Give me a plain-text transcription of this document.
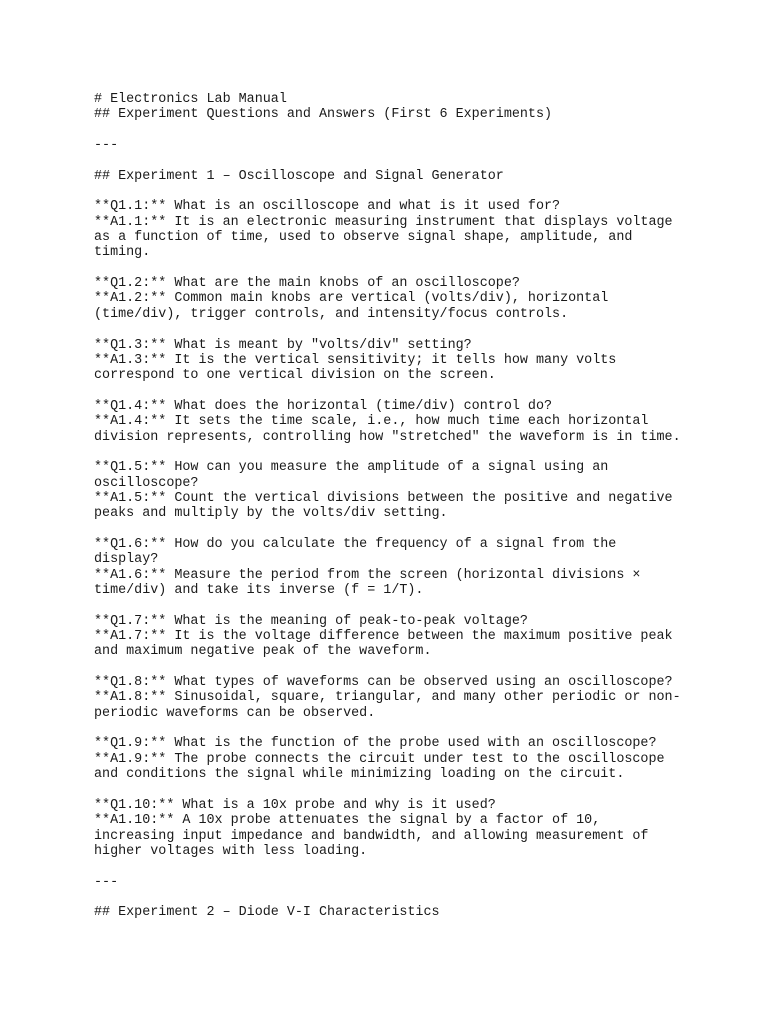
# Electronics Lab Manual
## Experiment Questions and Answers (First 6 Experiments)
---
## Experiment 1 – Oscilloscope and Signal Generator
**Q1.1:** What is an oscilloscope and what is it used for?
**A1.1:** It is an electronic measuring instrument that displays voltage
as a function of time, used to observe signal shape, amplitude, and
timing.
**Q1.2:** What are the main knobs of an oscilloscope?
**A1.2:** Common main knobs are vertical (volts/div), horizontal
(time/div), trigger controls, and intensity/focus controls.
**Q1.3:** What is meant by "volts/div" setting?
**A1.3:** It is the vertical sensitivity; it tells how many volts
correspond to one vertical division on the screen.
**Q1.4:** What does the horizontal (time/div) control do?
**A1.4:** It sets the time scale, i.e., how much time each horizontal
division represents, controlling how "stretched" the waveform is in time.
**Q1.5:** How can you measure the amplitude of a signal using an
oscilloscope?
**A1.5:** Count the vertical divisions between the positive and negative
peaks and multiply by the volts/div setting.
**Q1.6:** How do you calculate the frequency of a signal from the
display?
**A1.6:** Measure the period from the screen (horizontal divisions ×
time/div) and take its inverse (f = 1/T).
**Q1.7:** What is the meaning of peak-to-peak voltage?
**A1.7:** It is the voltage difference between the maximum positive peak
and maximum negative peak of the waveform.
**Q1.8:** What types of waveforms can be observed using an oscilloscope?
**A1.8:** Sinusoidal, square, triangular, and many other periodic or non-
periodic waveforms can be observed.
**Q1.9:** What is the function of the probe used with an oscilloscope?
**A1.9:** The probe connects the circuit under test to the oscilloscope
and conditions the signal while minimizing loading on the circuit.
**Q1.10:** What is a 10x probe and why is it used?
**A1.10:** A 10x probe attenuates the signal by a factor of 10,
increasing input impedance and bandwidth, and allowing measurement of
higher voltages with less loading.
---
## Experiment 2 – Diode V-I Characteristics
